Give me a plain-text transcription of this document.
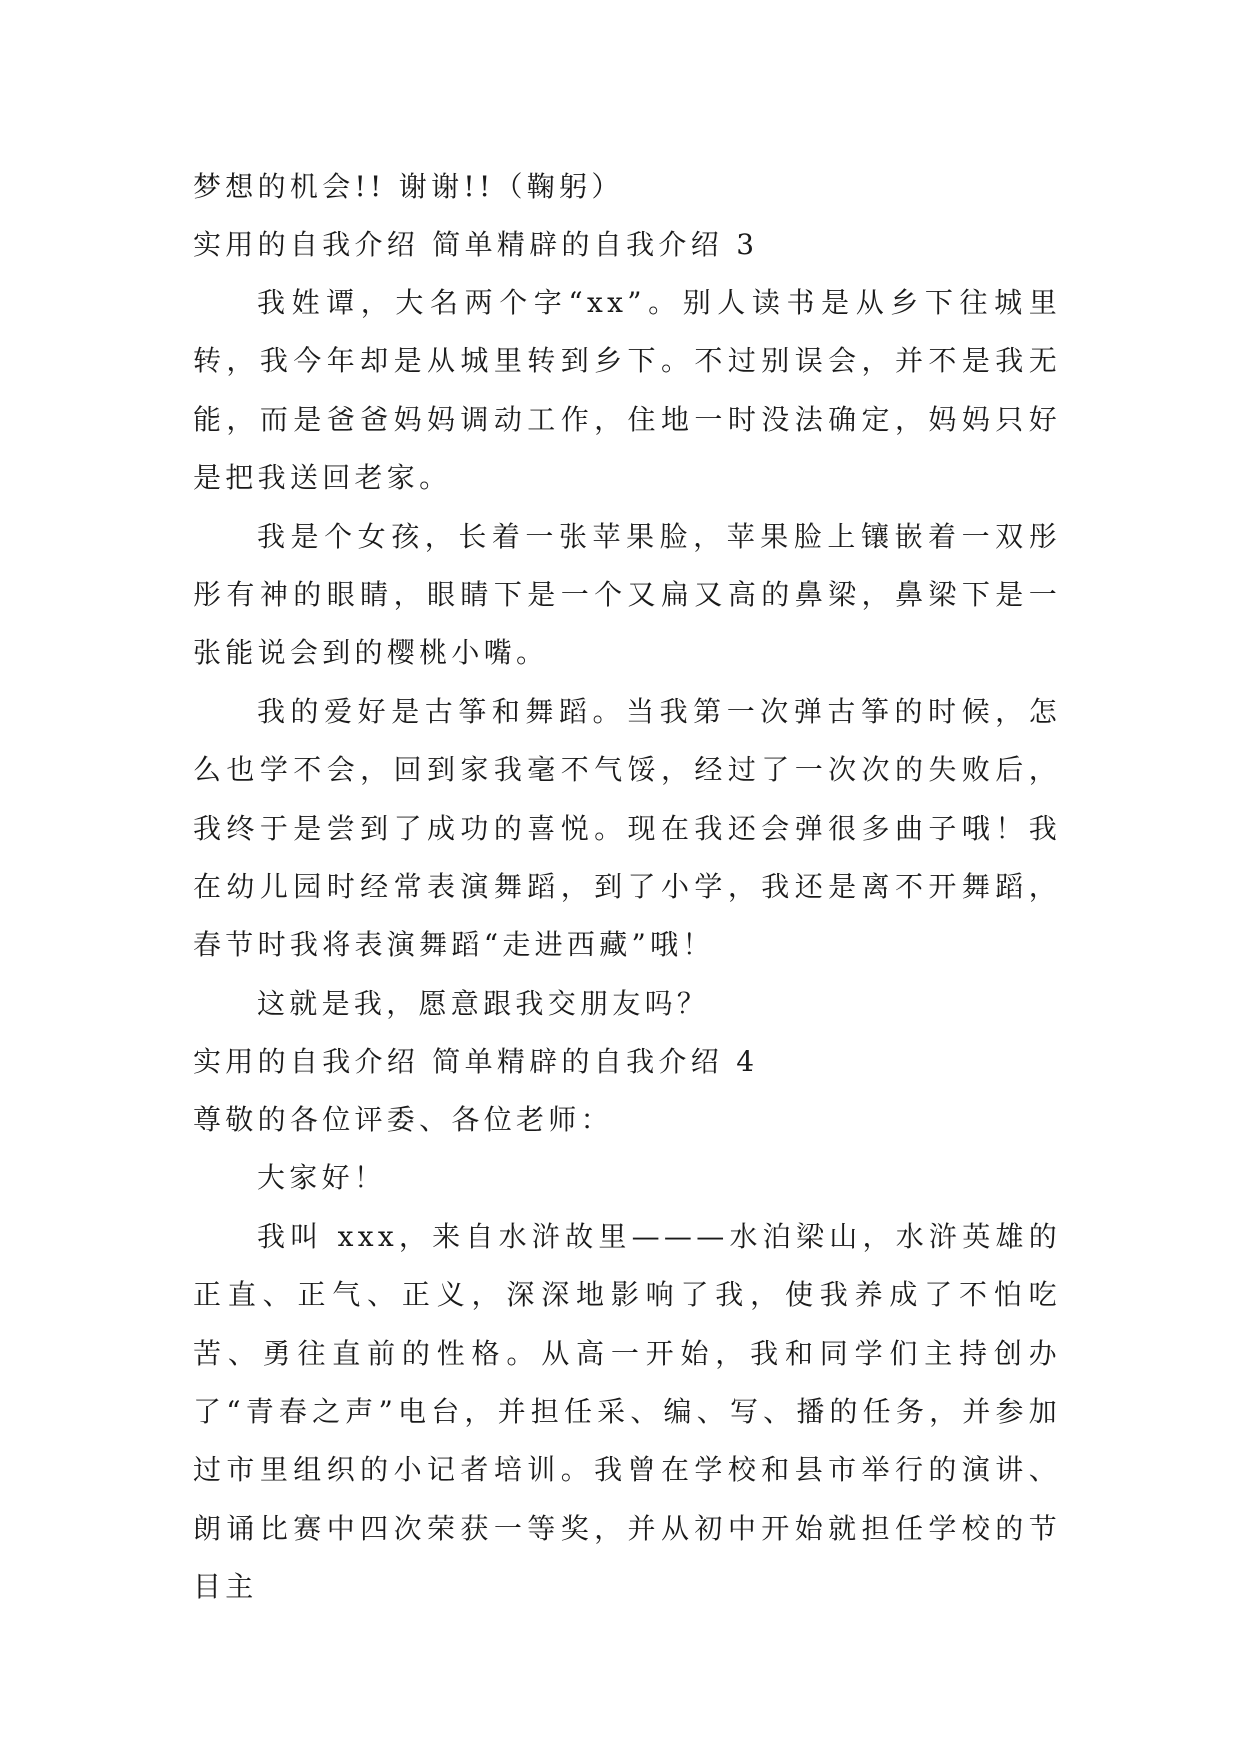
梦想的机会!! 谢谢!!（鞠躬）
实用的自我介绍 简单精辟的自我介绍 3

我姓谭，大名两个字“xx”。别人读书是从乡下往城里转，我今年却是从城里转到乡下。不过别误会，并不是我无能，而是爸爸妈妈调动工作，住地一时没法确定，妈妈只好是把我送回老家。

我是个女孩，长着一张苹果脸，苹果脸上镶嵌着一双彤彤有神的眼睛，眼睛下是一个又扁又高的鼻梁，鼻梁下是一张能说会到的樱桃小嘴。

我的爱好是古筝和舞蹈。当我第一次弹古筝的时候，怎么也学不会，回到家我毫不气馁，经过了一次次的失败后，我终于是尝到了成功的喜悦。现在我还会弹很多曲子哦！我在幼儿园时经常表演舞蹈，到了小学，我还是离不开舞蹈，春节时我将表演舞蹈“走进西藏”哦！

这就是我，愿意跟我交朋友吗？

实用的自我介绍 简单精辟的自我介绍 4
尊敬的各位评委、各位老师：

大家好！

我叫 xxx，来自水浒故里———水泊梁山，水浒英雄的正直、正气、正义，深深地影响了我，使我养成了不怕吃苦、勇往直前的性格。从高一开始，我和同学们主持创办了“青春之声”电台，并担任采、编、写、播的任务，并参加过市里组织的小记者培训。我曾在学校和县市举行的演讲、朗诵比赛中四次荣获一等奖，并从初中开始就担任学校的节目主
